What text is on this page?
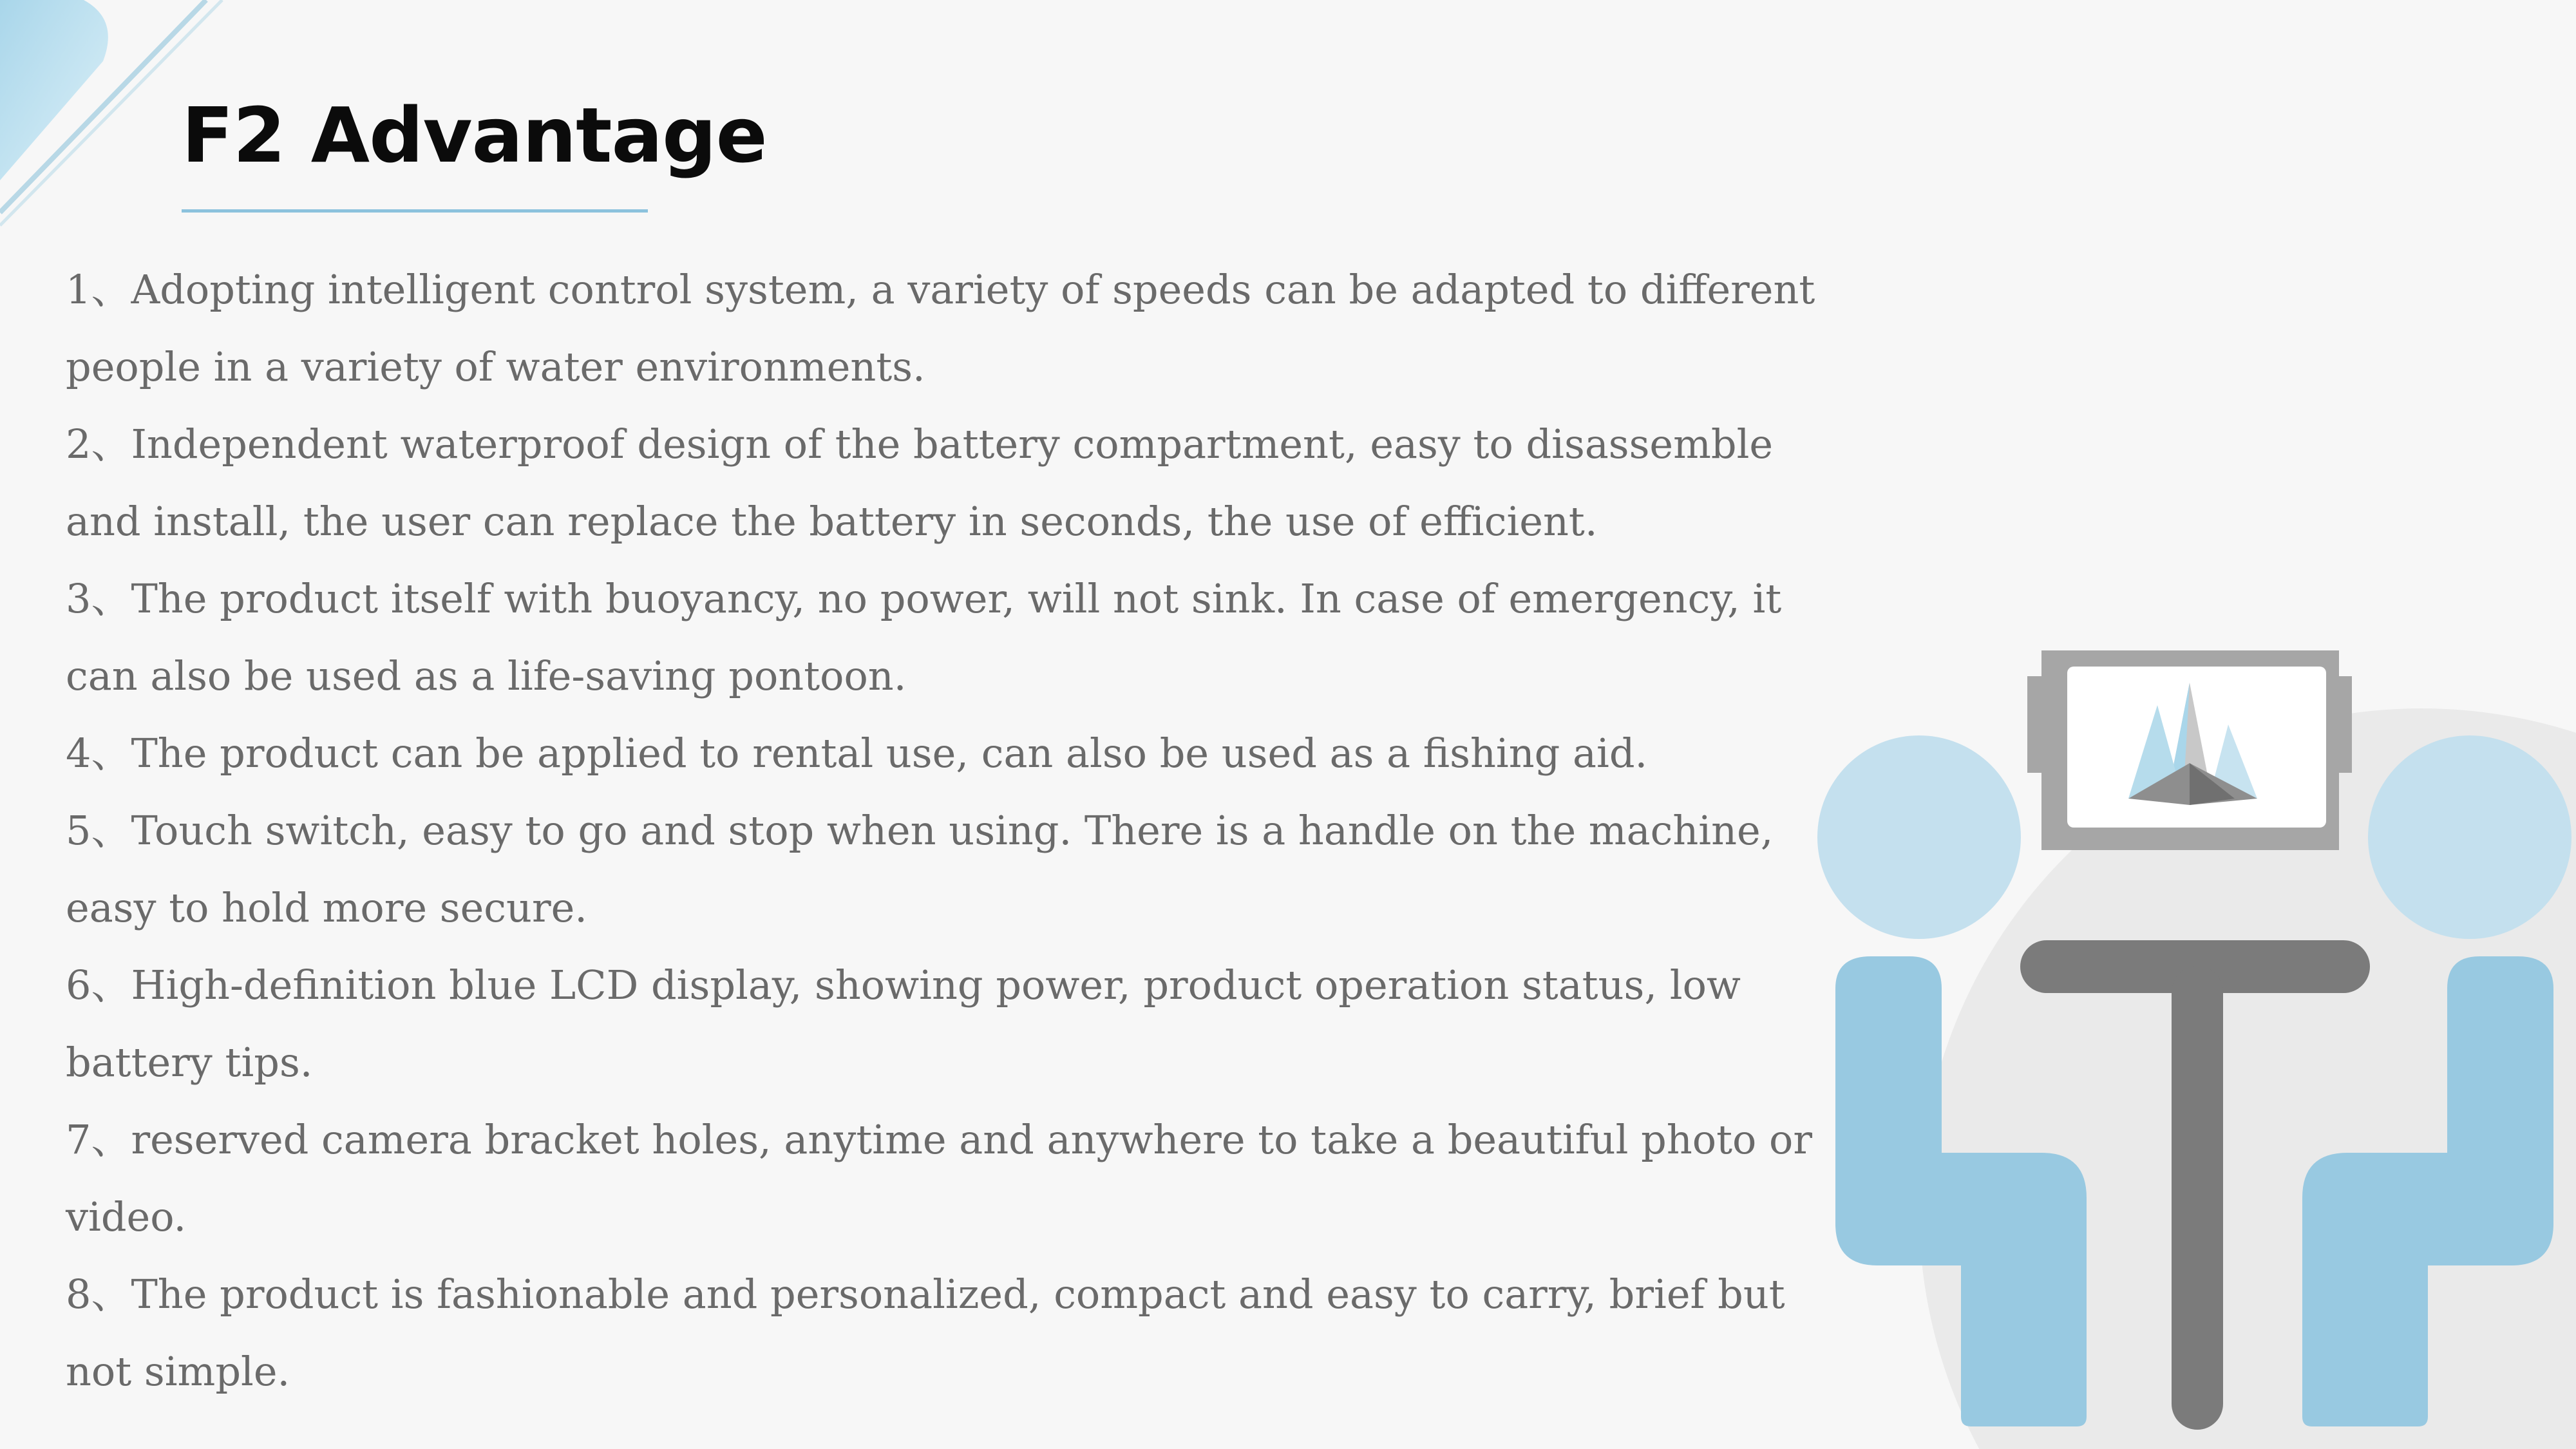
F2 Advantage

1、Adopting intelligent control system, a variety of speeds can be adapted to different people in a variety of water environments.

2、Independent waterproof design of the battery compartment, easy to disassemble and install, the user can replace the battery in seconds, the use of efficient.

3、The product itself with buoyancy, no power, will not sink. In case of emergency, it can also be used as a life-saving pontoon.

4、The product can be applied to rental use, can also be used as a fishing aid.

5、Touch switch, easy to go and stop when using. There is a handle on the machine, easy to hold more secure.

6、High-definition blue LCD display, showing power, product operation status, low battery tips.

7、reserved camera bracket holes, anytime and anywhere to take a beautiful photo or video.

8、The product is fashionable and personalized, compact and easy to carry, brief but not simple.
